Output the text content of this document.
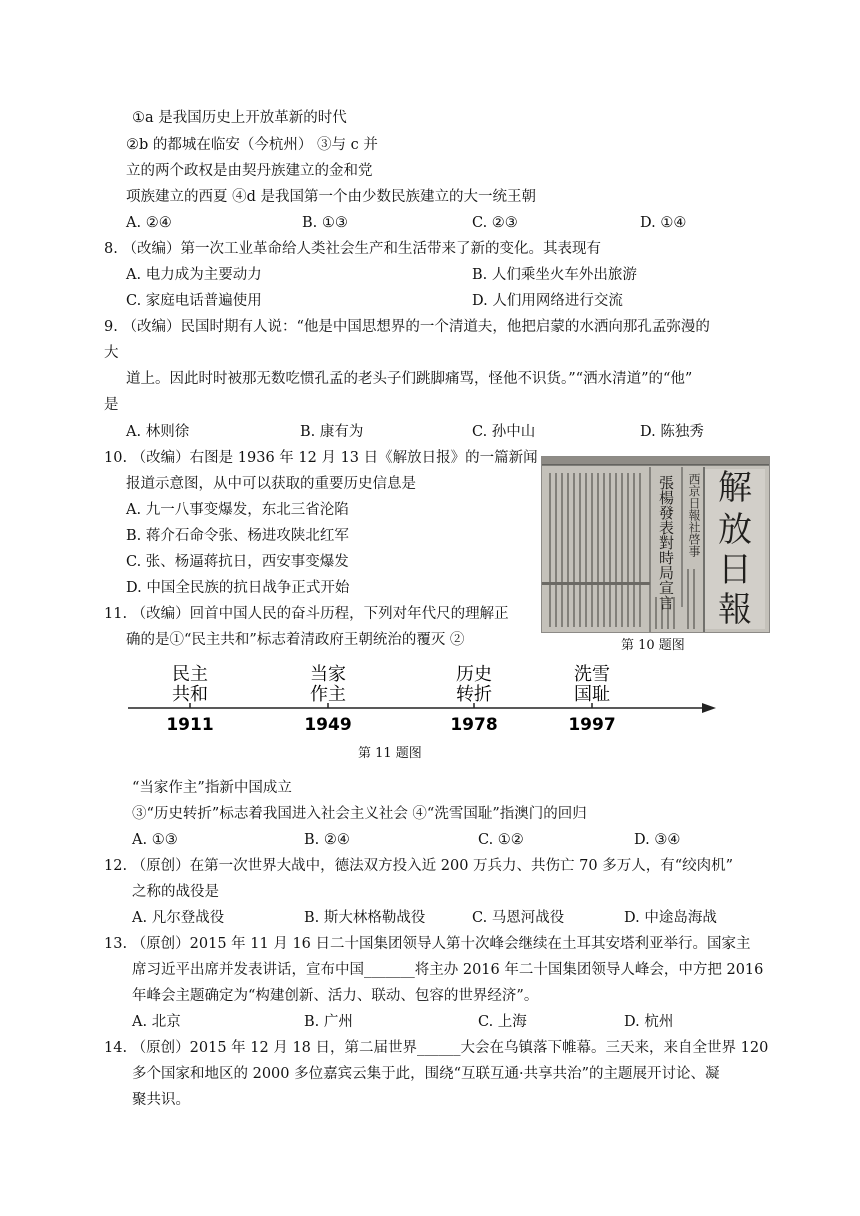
①a 是我国历史上开放革新的时代
②b 的都城在临安（今杭州） ③与 c 并
立的两个政权是由契丹族建立的金和党
项族建立的西夏 ④d 是我国第一个由少数民族建立的大一统王朝
A. ②④	B. ①③	C. ②③	D. ①④
8. （改编）第一次工业革命给人类社会生产和生活带来了新的变化。其表现有
A. 电力成为主要动力	B. 人们乘坐火车外出旅游
C. 家庭电话普遍使用	D. 人们用网络进行交流
9. （改编）民国时期有人说：“他是中国思想界的一个清道夫，他把启蒙的水洒向那孔孟弥漫的
大
道上。因此时时被那无数吃惯孔孟的老头子们跳脚痛骂，怪他不识货。”“洒水清道”的“他”
是
A. 林则徐	B. 康有为	C. 孙中山	D. 陈独秀
10. （改编）右图是 1936 年 12 月 13 日《解放日报》的一篇新闻
报道示意图，从中可以获取的重要历史信息是
A. 九一八事变爆发，东北三省沦陷
B. 蒋介石命令张、杨进攻陕北红军
C. 张、杨逼蒋抗日，西安事变爆发
D. 中国全民族的抗日战争正式开始
解
放
日
報
張楊發表對時局宣言 西京日報社啓事
第 10 题图
11. （改编）回首中国人民的奋斗历程，下列对年代尺的理解正
确的是①“民主共和”标志着清政府王朝统治的覆灭 ②
民主
共和
1911
当家
作主
1949
历史
转折
1978
洗雪
国耻
1997
第 11 题图
“当家作主”指新中国成立
③“历史转折”标志着我国进入社会主义社会 ④“洗雪国耻”指澳门的回归
A. ①③	B. ②④	C. ①②	D. ③④
12. （原创）在第一次世界大战中，德法双方投入近 200 万兵力、共伤亡 70 多万人，有“绞肉机”
之称的战役是
A. 凡尔登战役	B. 斯大林格勒战役	C. 马恩河战役	D. 中途岛海战
13. （原创）2015 年 11 月 16 日二十国集团领导人第十次峰会继续在土耳其安塔利亚举行。国家主
席习近平出席并发表讲话，宣布中国_______将主办 2016 年二十国集团领导人峰会，中方把 2016
年峰会主题确定为“构建创新、活力、联动、包容的世界经济”。
A. 北京	B. 广州	C. 上海	D. 杭州
14. （原创）2015 年 12 月 18 日，第二届世界______大会在乌镇落下帷幕。三天来，来自全世界 120
多个国家和地区的 2000 多位嘉宾云集于此，围绕“互联互通·共享共治”的主题展开讨论、凝
聚共识。
